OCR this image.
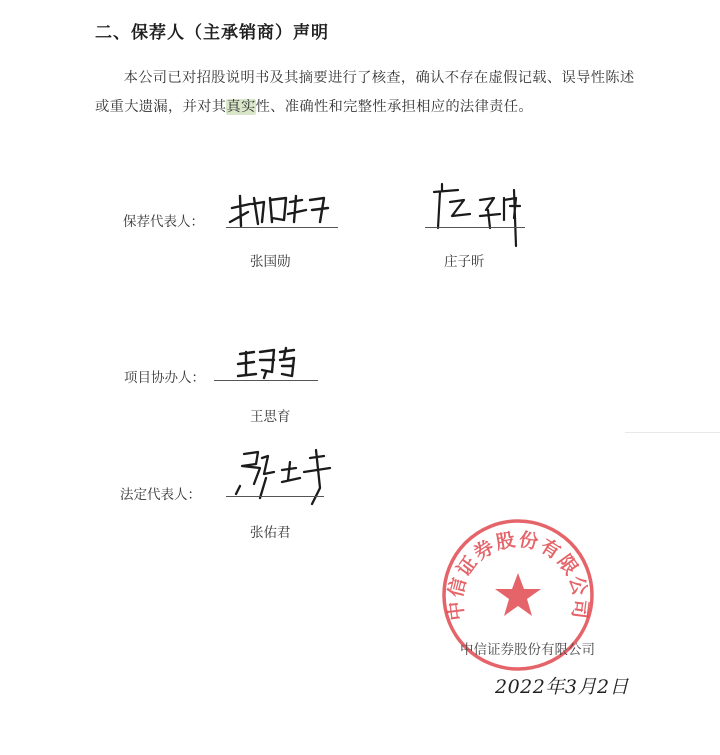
二、保荐人（主承销商）声明
本公司已对招股说明书及其摘要进行了核查，确认不存在虚假记载、误导性陈述或重大遗漏，并对其真实性、准确性和完整性承担相应的法律责任。
保荐代表人：
张国勋	庄子昕
项目协办人：
王思育
法定代表人：
张佑君
中信证券股份有限公司
中信证券股份有限公司
2022年3月2日
